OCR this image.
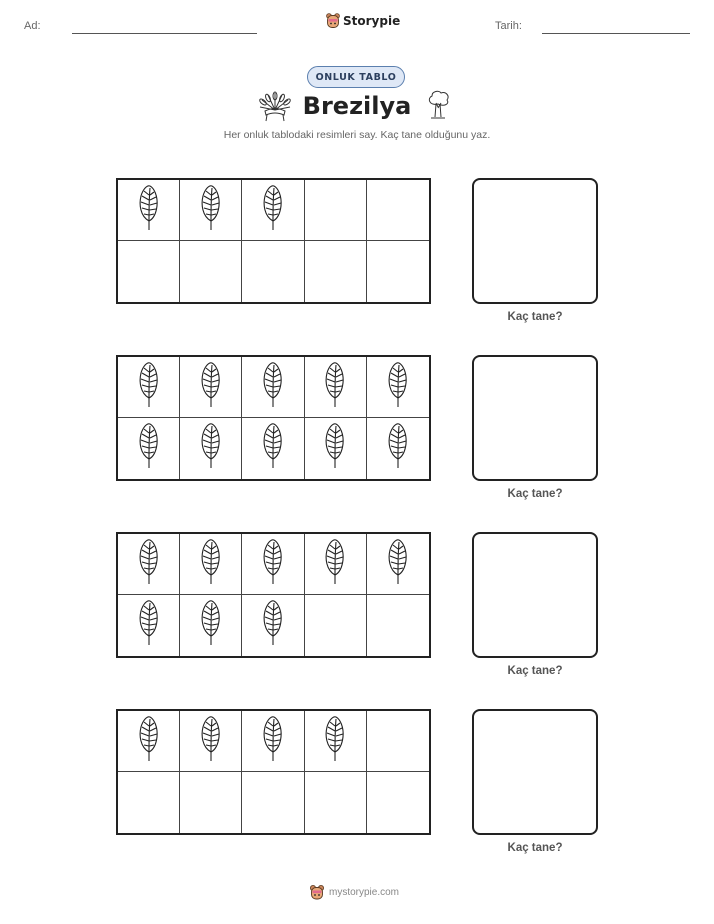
Ad:	Storypie	Tarih:
ONLUK TABLO
Brezilya
Her onluk tablodaki resimleri say. Kaç tane olduğunu yaz.
Kaç tane?
Kaç tane?
Kaç tane?
Kaç tane?
mystorypie.com
